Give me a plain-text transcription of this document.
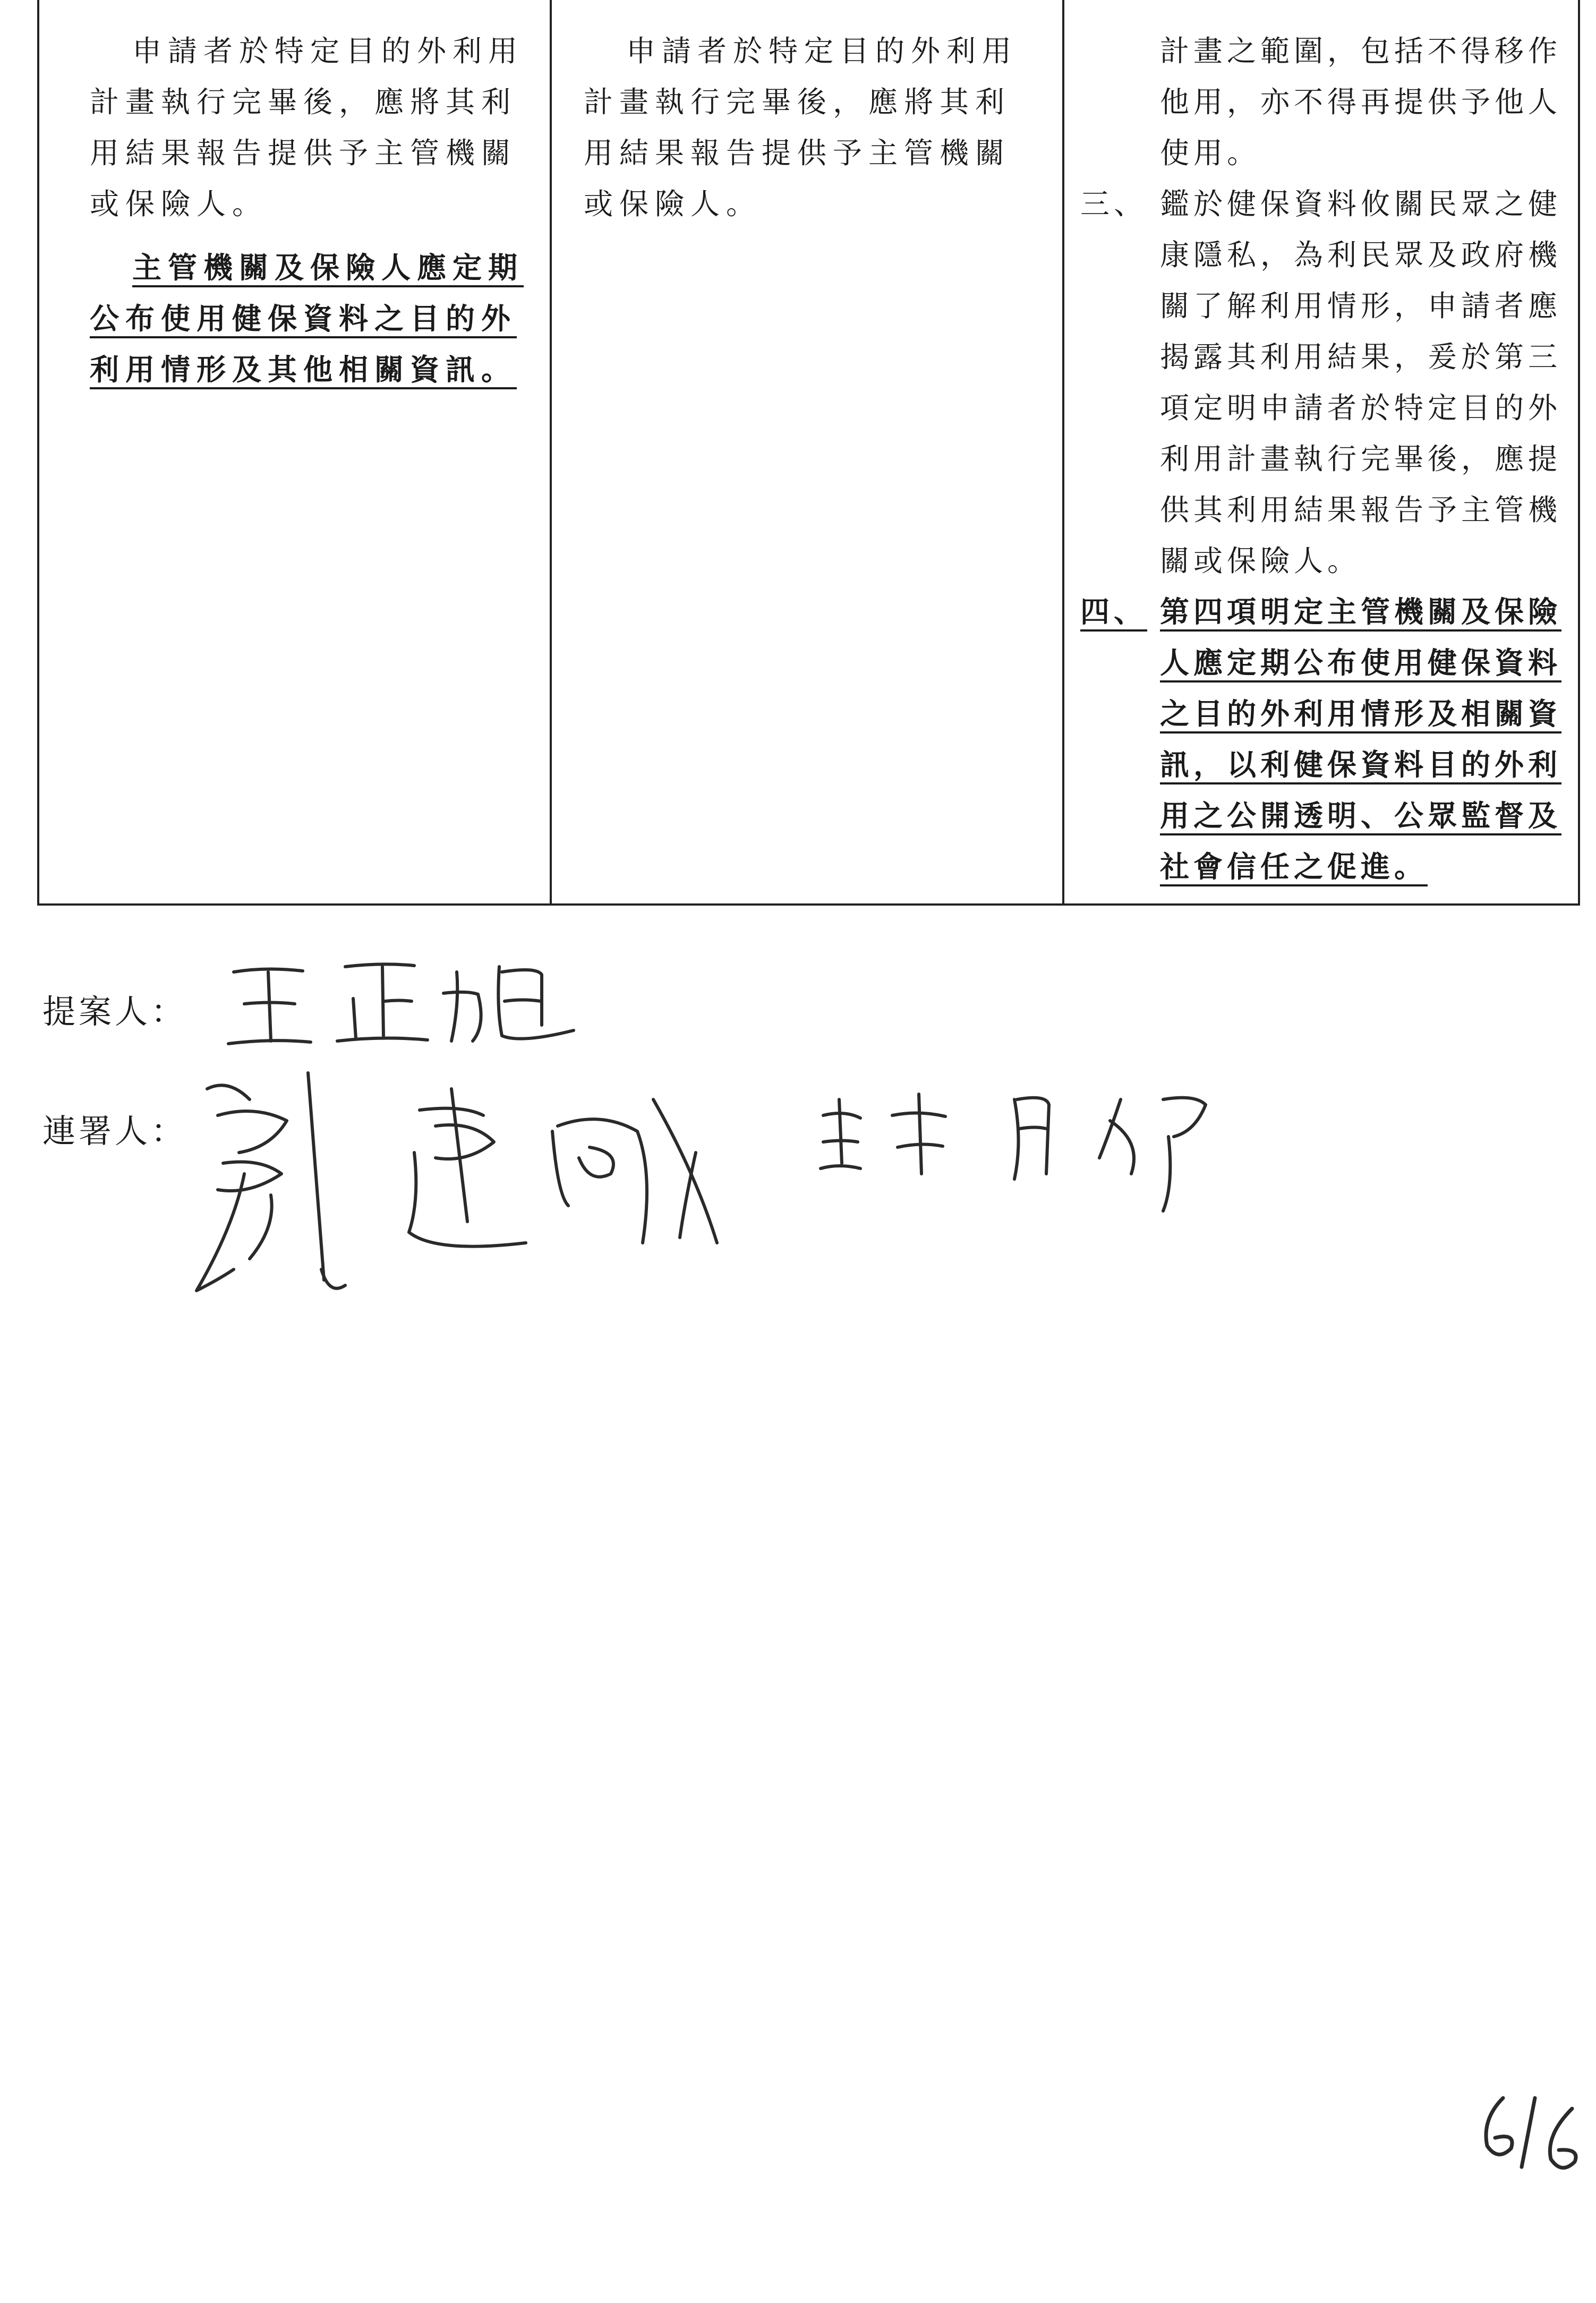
申請者於特定目的外利用計畫執行完畢後，應將其利用結果報告提供予主管機關或保險人。

主管機關及保險人應定期公布使用健保資料之目的外利用情形及其他相關資訊。

申請者於特定目的外利用計畫執行完畢後，應將其利用結果報告提供予主管機關或保險人。

計畫之範圍，包括不得移作他用，亦不得再提供予他人使用。
三、 鑑於健保資料攸關民眾之健康隱私，為利民眾及政府機關了解利用情形，申請者應揭露其利用結果，爰於第三項定明申請者於特定目的外利用計畫執行完畢後，應提供其利用結果報告予主管機關或保險人。
四、 第四項明定主管機關及保險人應定期公布使用健保資料之目的外利用情形及相關資訊，以利健保資料目的外利用之公開透明、公眾監督及社會信任之促進。
提案人：
連署人：
